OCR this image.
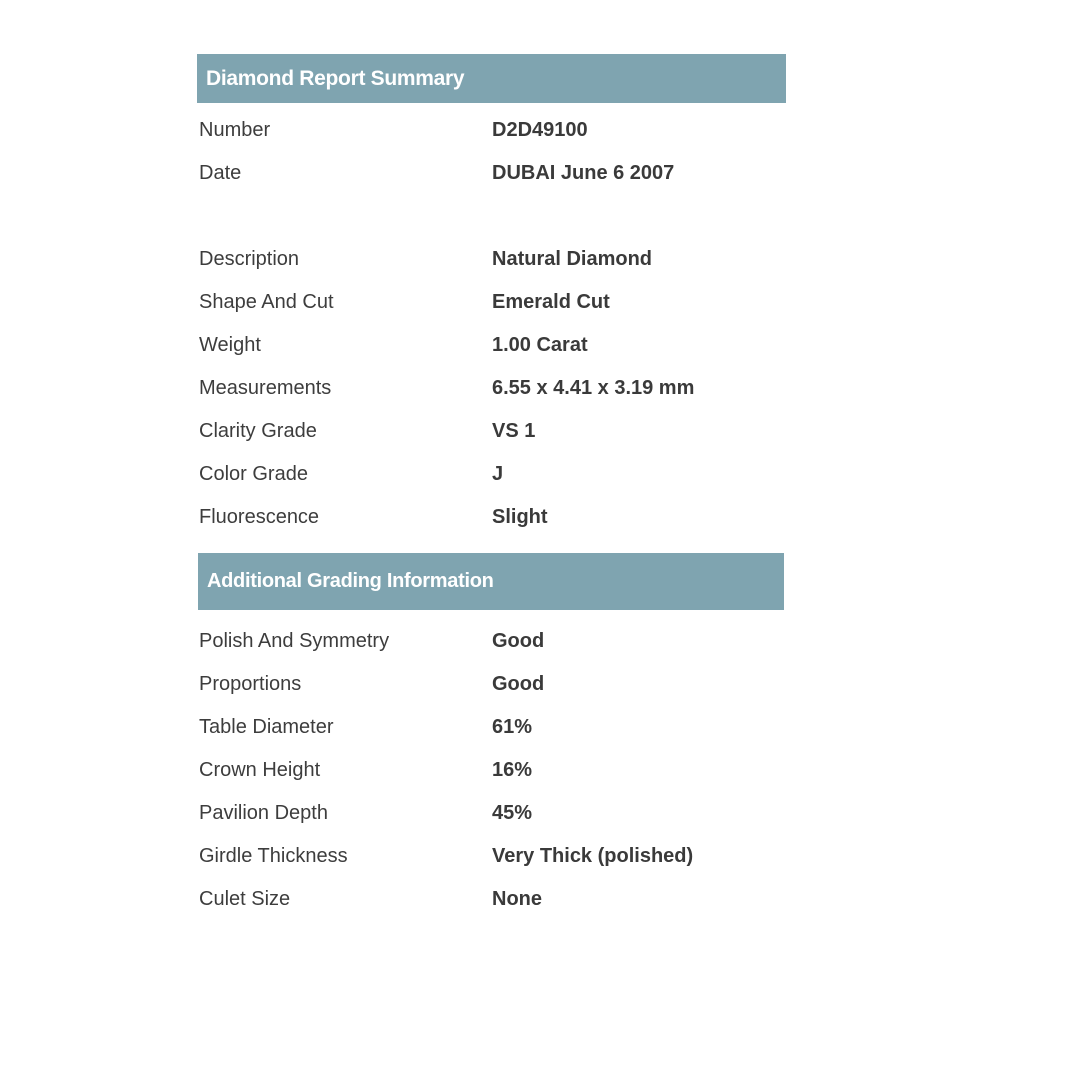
Diamond Report Summary
Number	D2D49100
Date	DUBAI June 6 2007
Description	Natural Diamond
Shape And Cut	Emerald Cut
Weight	1.00 Carat
Measurements	6.55 x 4.41 x 3.19 mm
Clarity Grade	VS 1
Color Grade	J
Fluorescence	Slight
Additional Grading Information
Polish And Symmetry	Good
Proportions	Good
Table Diameter	61%
Crown Height	16%
Pavilion Depth	45%
Girdle Thickness	Very Thick (polished)
Culet Size	None
